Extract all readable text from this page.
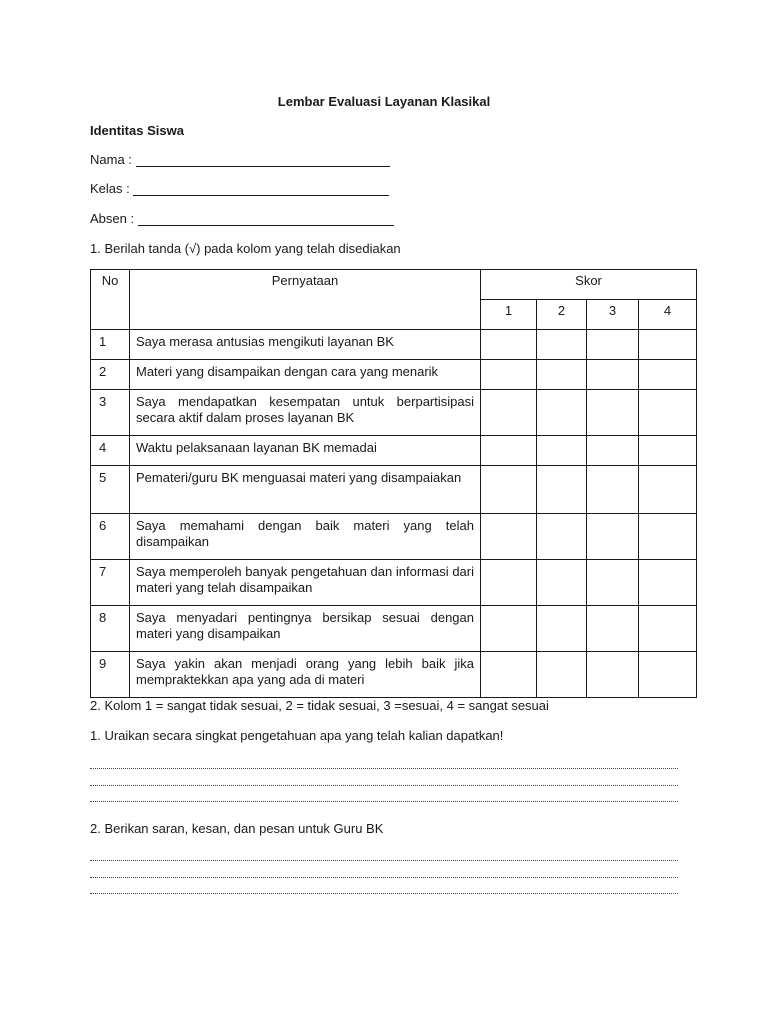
Lembar Evaluasi Layanan Klasikal
Identitas Siswa
Nama :
Kelas :
Absen :
1. Berilah tanda (√) pada kolom yang telah disediakan
No	Pernyataan	Skor			

		1	2	3	4

1	Saya merasa antusias mengikuti layanan BK				
2	Materi yang disampaikan dengan cara yang menarik				
3	Saya mendapatkan kesempatan untuk berpartisipasi secara aktif dalam proses layanan BK				
4	Waktu pelaksanaan layanan BK memadai				
5	Pemateri/guru BK menguasai materi yang disampaiakan				
6	Saya memahami dengan baik materi yang telah disampaikan				
7	Saya memperoleh banyak pengetahuan dan informasi dari materi yang telah disampaikan				
8	Saya menyadari pentingnya bersikap sesuai dengan materi yang disampaikan				
9	Saya yakin akan menjadi orang yang lebih baik jika mempraktekkan apa yang ada di materi				
2. Kolom 1 = sangat tidak sesuai, 2 = tidak sesuai, 3 =sesuai, 4 = sangat sesuai
1. Uraikan secara singkat pengetahuan apa yang telah kalian dapatkan!
2. Berikan saran, kesan, dan pesan untuk Guru BK
